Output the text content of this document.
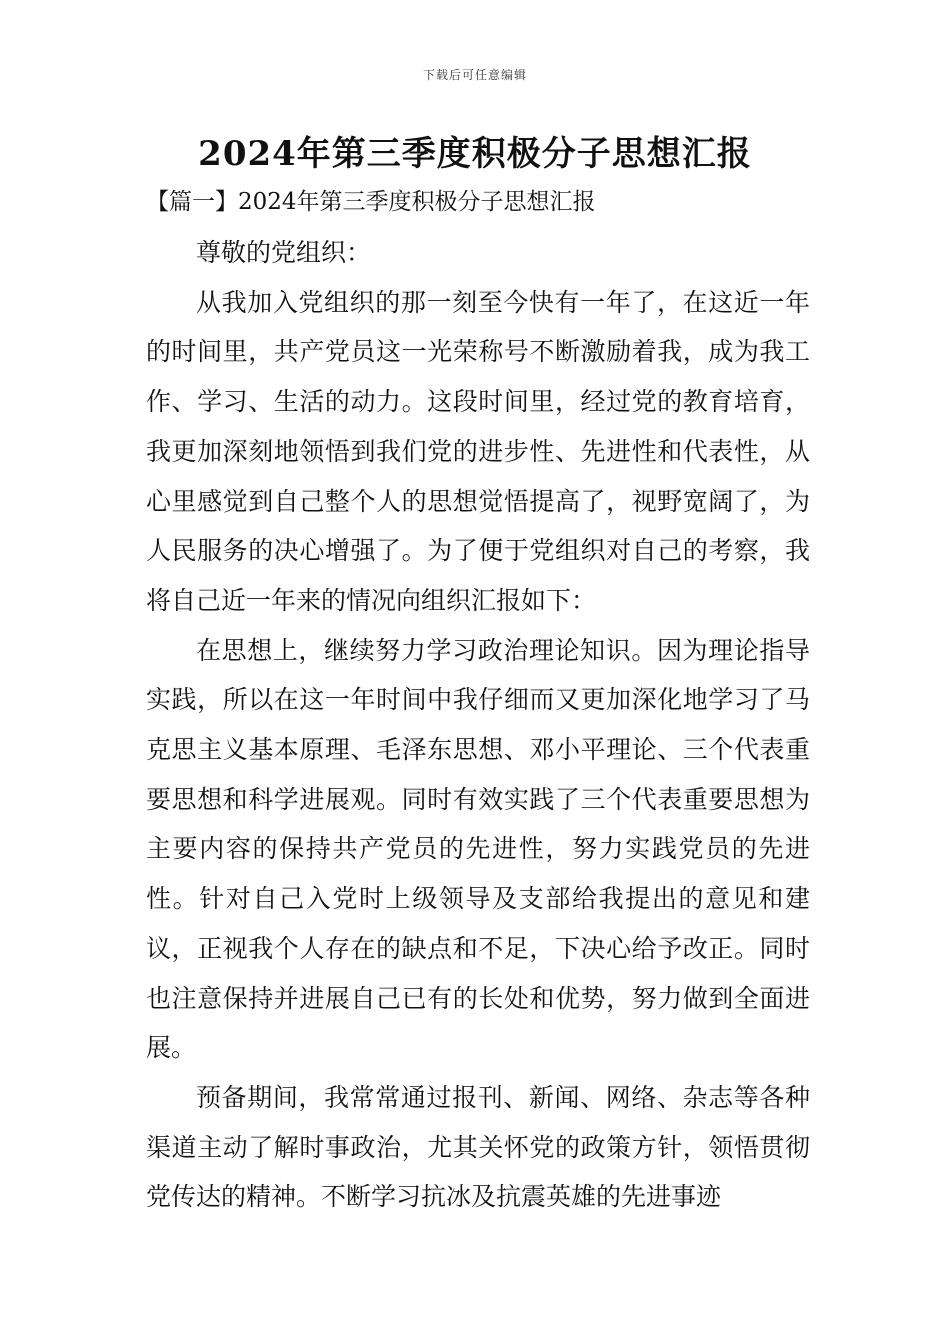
下载后可任意编辑
2024年第三季度积极分子思想汇报
【篇一】2024年第三季度积极分子思想汇报

尊敬的党组织：

从我加入党组织的那一刻至今快有一年了，在这近一年的时间里，共产党员这一光荣称号不断激励着我，成为我工作、学习、生活的动力。这段时间里，经过党的教育培育，我更加深刻地领悟到我们党的进步性、先进性和代表性，从心里感觉到自己整个人的思想觉悟提高了，视野宽阔了，为人民服务的决心增强了。为了便于党组织对自己的考察，我将自己近一年来的情况向组织汇报如下：

在思想上，继续努力学习政治理论知识。因为理论指导实践，所以在这一年时间中我仔细而又更加深化地学习了马克思主义基本原理、毛泽东思想、邓小平理论、三个代表重要思想和科学进展观。同时有效实践了三个代表重要思想为主要内容的保持共产党员的先进性，努力实践党员的先进性。针对自己入党时上级领导及支部给我提出的意见和建议，正视我个人存在的缺点和不足，下决心给予改正。同时也注意保持并进展自己已有的长处和优势，努力做到全面进展。

预备期间，我常常通过报刊、新闻、网络、杂志等各种渠道主动了解时事政治，尤其关怀党的政策方针，领悟贯彻党传达的精神。不断学习抗冰及抗震英雄的先进事迹
